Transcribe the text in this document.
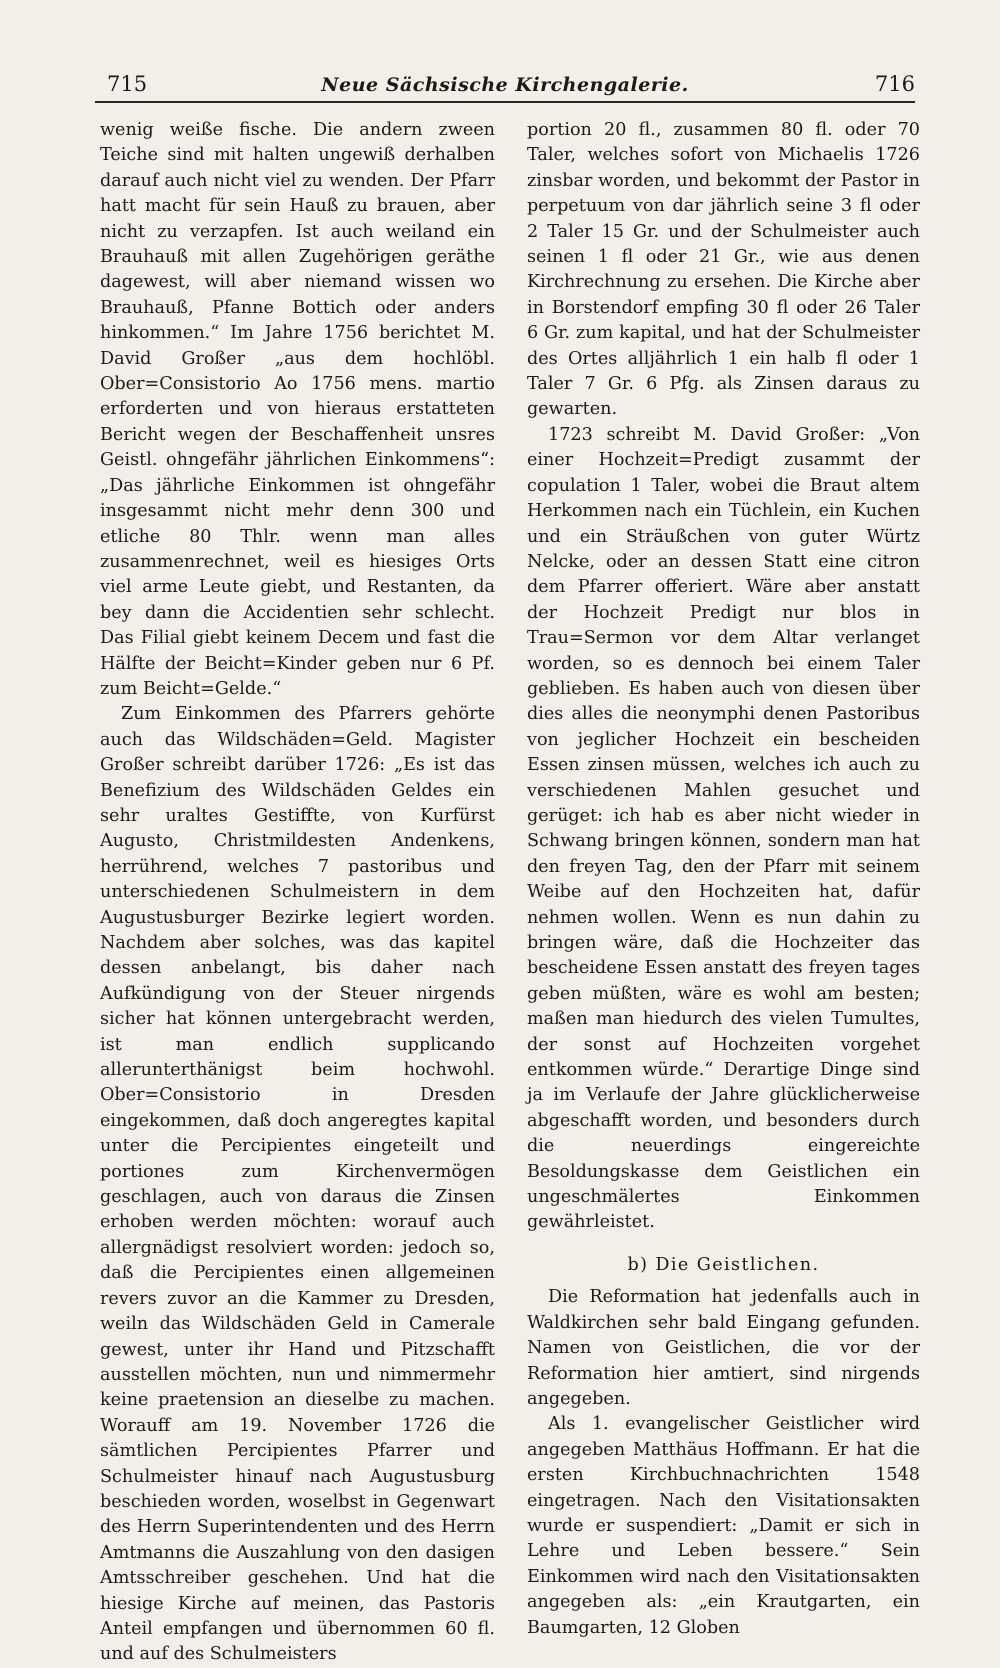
715	Neue Sächsische Kirchengalerie.	716

wenig weiße fische. Die andern zween Teiche sind mit halten ungewiß derhalben darauf auch nicht viel zu wenden. Der Pfarr hatt macht für sein Hauß zu brauen, aber nicht zu verzapfen. Ist auch weiland ein Brauhauß mit allen Zugehörigen geräthe dagewest, will aber niemand wissen wo Brauhauß, Pfanne Bottich oder anders hinkommen.“ Im Jahre 1756 berichtet M. David Großer „aus dem hochlöbl. Ober=Consistorio Ao 1756 mens. martio erforderten und von hieraus erstatteten Bericht wegen der Beschaffenheit unsres Geistl. ohngefähr jährlichen Einkommens“: „Das jährliche Einkommen ist ohngefähr insgesammt nicht mehr denn 300 und etliche 80 Thlr. wenn man alles zusammenrechnet, weil es hiesiges Orts viel arme Leute giebt, und Restanten, da bey dann die Accidentien sehr schlecht. Das Filial giebt keinem Decem und fast die Hälfte der Beicht=Kinder geben nur 6 Pf. zum Beicht=Gelde.“

Zum Einkommen des Pfarrers gehörte auch das Wildschäden=Geld. Magister Großer schreibt darüber 1726: „Es ist das Benefizium des Wildschäden Geldes ein sehr uraltes Gestiffte, von Kurfürst Augusto, Christmildesten Andenkens, herrührend, welches 7 pastoribus und unterschiedenen Schulmeistern in dem Augustusburger Bezirke legiert worden. Nachdem aber solches, was das kapitel dessen anbelangt, bis daher nach Aufkündigung von der Steuer nirgends sicher hat können untergebracht werden, ist man endlich supplicando allerunterthänigst beim hochwohl. Ober=Consistorio in Dresden eingekommen, daß doch angeregtes kapital unter die Percipientes eingeteilt und portiones zum Kirchenvermögen geschlagen, auch von daraus die Zinsen erhoben werden möchten: worauf auch allergnädigst resolviert worden: jedoch so, daß die Percipientes einen allgemeinen revers zuvor an die Kammer zu Dresden, weiln das Wildschäden Geld in Camerale gewest, unter ihr Hand und Pitzschafft ausstellen möchten, nun und nimmermehr keine praetension an dieselbe zu machen. Worauff am 19. November 1726 die sämtlichen Percipientes Pfarrer und Schulmeister hinauf nach Augustusburg beschieden worden, woselbst in Gegenwart des Herrn Superintendenten und des Herrn Amtmanns die Auszahlung von den dasigen Amtsschreiber geschehen. Und hat die hiesige Kirche auf meinen, das Pastoris Anteil empfangen und übernommen 60 fl. und auf des Schulmeisters

portion 20 fl., zusammen 80 fl. oder 70 Taler, welches sofort von Michaelis 1726 zinsbar worden, und bekommt der Pastor in perpetuum von dar jährlich seine 3 fl oder 2 Taler 15 Gr. und der Schulmeister auch seinen 1 fl oder 21 Gr., wie aus denen Kirchrechnung zu ersehen. Die Kirche aber in Borstendorf empfing 30 fl oder 26 Taler 6 Gr. zum kapital, und hat der Schulmeister des Ortes alljährlich 1 ein halb fl oder 1 Taler 7 Gr. 6 Pfg. als Zinsen daraus zu gewarten.

1723 schreibt M. David Großer: „Von einer Hochzeit=Predigt zusammt der copulation 1 Taler, wobei die Braut altem Herkommen nach ein Tüchlein, ein Kuchen und ein Sträußchen von guter Würtz Nelcke, oder an dessen Statt eine citron dem Pfarrer offeriert. Wäre aber anstatt der Hochzeit Predigt nur blos in Trau=Sermon vor dem Altar verlanget worden, so es dennoch bei einem Taler geblieben. Es haben auch von diesen über dies alles die neonymphi denen Pastoribus von jeglicher Hochzeit ein bescheiden Essen zinsen müssen, welches ich auch zu verschiedenen Mahlen gesuchet und gerüget: ich hab es aber nicht wieder in Schwang bringen können, sondern man hat den freyen Tag, den der Pfarr mit seinem Weibe auf den Hochzeiten hat, dafür nehmen wollen. Wenn es nun dahin zu bringen wäre, daß die Hochzeiter das bescheidene Essen anstatt des freyen tages geben müßten, wäre es wohl am besten; maßen man hiedurch des vielen Tumultes, der sonst auf Hochzeiten vorgehet entkommen würde.“ Derartige Dinge sind ja im Verlaufe der Jahre glücklicherweise abgeschafft worden, und besonders durch die neuerdings eingereichte Besoldungskasse dem Geistlichen ein ungeschmälertes Einkommen gewährleistet.

b) Die Geistlichen.

Die Reformation hat jedenfalls auch in Waldkirchen sehr bald Eingang gefunden. Namen von Geistlichen, die vor der Reformation hier amtiert, sind nirgends angegeben.

Als 1. evangelischer Geistlicher wird angegeben Matthäus Hoffmann. Er hat die ersten Kirchbuchnachrichten 1548 eingetragen. Nach den Visitationsakten wurde er suspendiert: „Damit er sich in Lehre und Leben bessere.“ Sein Einkommen wird nach den Visitationsakten angegeben als: „ein Krautgarten, ein Baumgarten, 12 Globen
